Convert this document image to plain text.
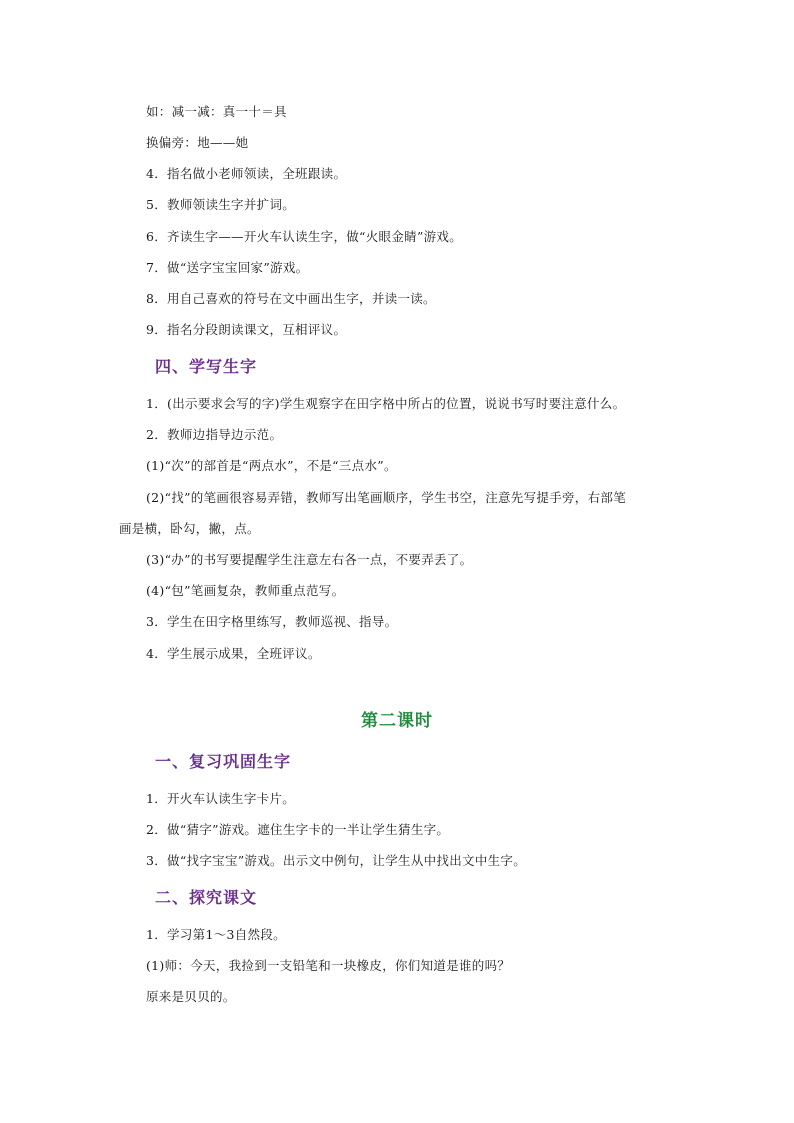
如：减一减：真一十＝具
换偏旁：地——她
4．指名做小老师领读，全班跟读。
5．教师领读生字并扩词。
6．齐读生字——开火车认读生字，做“火眼金睛”游戏。
7．做“送字宝宝回家”游戏。
8．用自己喜欢的符号在文中画出生字，并读一读。
9．指名分段朗读课文，互相评议。
四、学写生字
1．(出示要求会写的字)学生观察字在田字格中所占的位置，说说书写时要注意什么。
2．教师边指导边示范。
(1)“次”的部首是“两点水”，不是“三点水”。
(2)“找”的笔画很容易弄错，教师写出笔画顺序，学生书空，注意先写提手旁，右部笔
画是横，卧勾，撇，点。
(3)“办”的书写要提醒学生注意左右各一点，不要弄丢了。
(4)“包”笔画复杂，教师重点范写。
3．学生在田字格里练写，教师巡视、指导。
4．学生展示成果，全班评议。
第二课时
一、复习巩固生字
1．开火车认读生字卡片。
2．做“猜字”游戏。遮住生字卡的一半让学生猜生字。
3．做“找字宝宝”游戏。出示文中例句，让学生从中找出文中生字。
二、探究课文
1．学习第1～3自然段。
(1)师：今天，我捡到一支铅笔和一块橡皮，你们知道是谁的吗？
原来是贝贝的。
